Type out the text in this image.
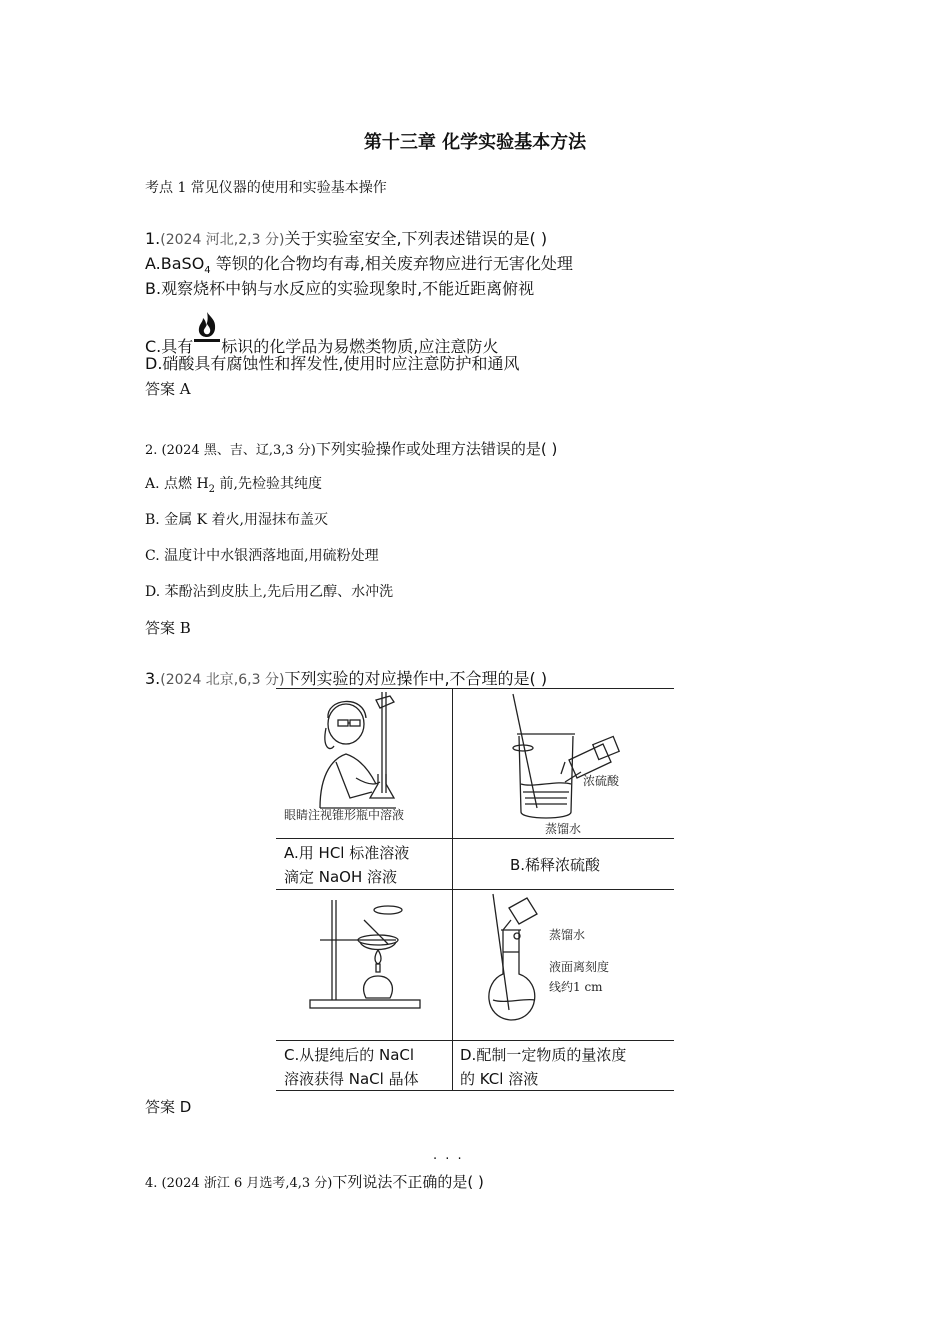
第十三章 化学实验基本方法
考点 1 常见仪器的使用和实验基本操作
1.(2024 河北,2,3 分)关于实验室安全,下列表述错误的是( )
A.BaSO$_4$ 等钡的化合物均有毒,相关废弃物应进行无害化处理
B.观察烧杯中钠与水反应的实验现象时,不能近距离俯视
C.具有 标识的化学品为易燃类物质,应注意防火
D.硝酸具有腐蚀性和挥发性,使用时应注意防护和通风
答案 A
2. (2024 黑、吉、辽,3,3 分)下列实验操作或处理方法错误的是( )
A. 点燃 $H_2$ 前,先检验其纯度
B. 金属 K 着火,用湿抹布盖灭
C. 温度计中水银洒落地面,用硫粉处理
D. 苯酚沾到皮肤上,先后用乙醇、水冲洗
答案 B
3.(2024 北京,6,3 分)下列实验的对应操作中,不合理的是( )
眼睛注视锥形瓶中溶液
浓硫酸
蒸馏水
A.用 HCl 标准溶液
滴定 NaOH 溶液
B.稀释浓硫酸
蒸馏水
液面离刻度
线约1 cm
C.从提纯后的 NaCl
溶液获得 NaCl 晶体
D.配制一定物质的量浓度
的 KCl 溶液
答案 D
· · ·
4. (2024 浙江 6 月选考,4,3 分)下列说法不正确的是( )
